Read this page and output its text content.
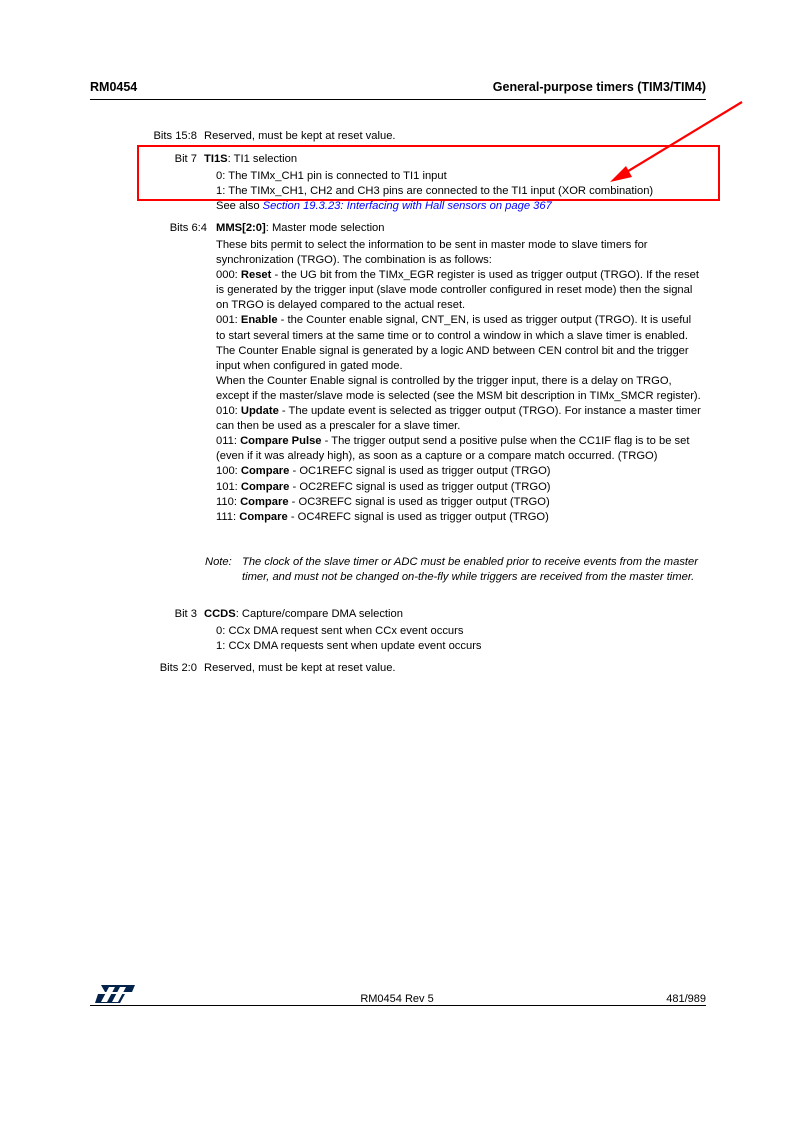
RM0454	General-purpose timers (TIM3/TIM4)
Bits 15:8 Reserved, must be kept at reset value.
Bit 7 TI1S: TI1 selection
0: The TIMx_CH1 pin is connected to TI1 input
1: The TIMx_CH1, CH2 and CH3 pins are connected to the TI1 input (XOR combination)
See also Section 19.3.23: Interfacing with Hall sensors on page 367
Bits 6:4 MMS[2:0]: Master mode selection

These bits permit to select the information to be sent in master mode to slave timers for synchronization (TRGO). The combination is as follows:

000: Reset - the UG bit from the TIMx_EGR register is used as trigger output (TRGO). If the reset is generated by the trigger input (slave mode controller configured in reset mode) then the signal on TRGO is delayed compared to the actual reset.

001: Enable - the Counter enable signal, CNT_EN, is used as trigger output (TRGO). It is useful to start several timers at the same time or to control a window in which a slave timer is enabled. The Counter Enable signal is generated by a logic AND between CEN control bit and the trigger input when configured in gated mode.

When the Counter Enable signal is controlled by the trigger input, there is a delay on TRGO, except if the master/slave mode is selected (see the MSM bit description in TIMx_SMCR register).

010: Update - The update event is selected as trigger output (TRGO). For instance a master timer can then be used as a prescaler for a slave timer.

011: Compare Pulse - The trigger output send a positive pulse when the CC1IF flag is to be set (even if it was already high), as soon as a capture or a compare match occurred. (TRGO)

100: Compare - OC1REFC signal is used as trigger output (TRGO)

101: Compare - OC2REFC signal is used as trigger output (TRGO)

110: Compare - OC3REFC signal is used as trigger output (TRGO)

111: Compare - OC4REFC signal is used as trigger output (TRGO)

Note: The clock of the slave timer or ADC must be enabled prior to receive events from the master timer, and must not be changed on-the-fly while triggers are received from the master timer.
Bit 3 CCDS: Capture/compare DMA selection
0: CCx DMA request sent when CCx event occurs
1: CCx DMA requests sent when update event occurs
Bits 2:0 Reserved, must be kept at reset value.
RM0454 Rev 5	481/989
